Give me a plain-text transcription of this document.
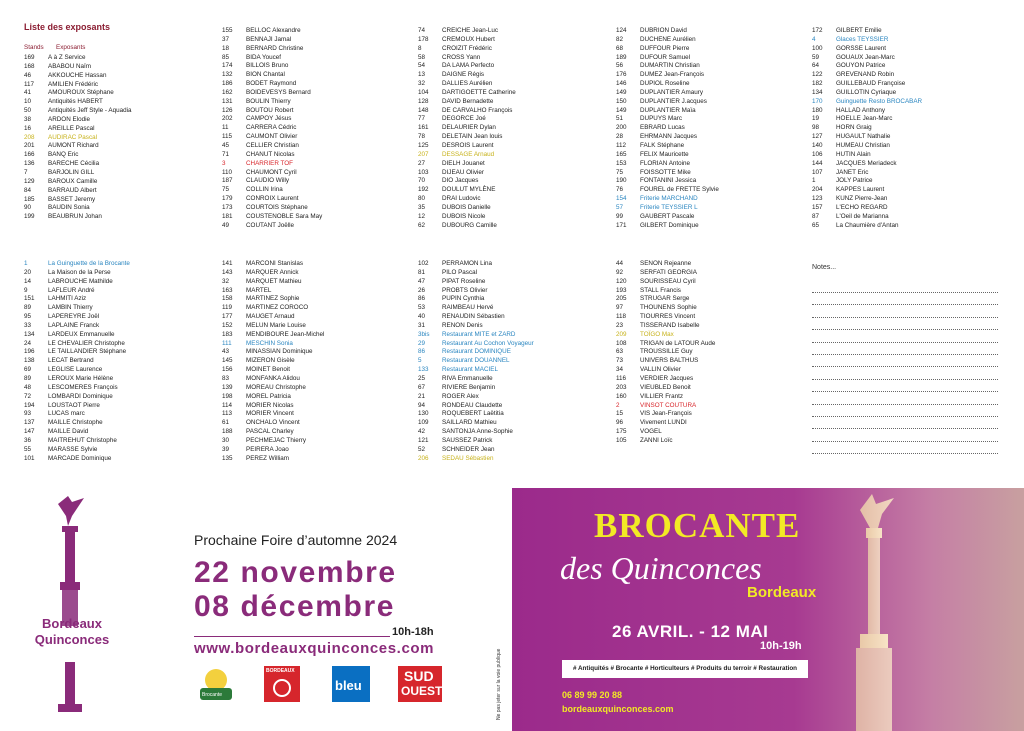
Liste des exposants
Stands Exposants
169 A à Z Service
168 ABABOU Naïm
46	AKKOUCHE Hassan
117 AMILIEN Frédéric
41	AMOUROUX Stéphane
10	Antiquités HABERT
50	Antiquités Jeff Style - Aquadia
38	ARDON Elodie
16	AREILLE Pascal
208 AUDIRAC Pascal
201 AUMONT Richard
166 BANQ Eric
136 BARECHE Cécilia
7	BARJOLIN GILL
129 BAROUX Camille
84	BARRAUD Albert
185 BASSET Jeremy
90	BAUDIN Sonia
199 BEAUBRUN Johan
155 BELLOC Alexandre
37	BENNAJI Jamal
18	BERNARD Christine
85	BIDA Youcef
174 BILLOIS Bruno
132 BION Chantal
186 BODET Raymond
162 BOIDEVESYS Bernard
131 BOULIN Thierry
126 BOUTOU Robert
202 CAMPOY Jésus
11	CARRERA Cédric
115 CAUMONT Olivier
45	CELLIER Christian
71	CHANUT Nicolas
3	CHARRIER TOF
110 CHAUMONT Cyril
187 CLAUDIO Willy
75	COLLIN Irina
179 CONROIX Laurent
173 COURTOIS Stéphane
181 COUSTENOBLE Sara May
49	COUTANT Joëlle
74	CREICHE Jean-Luc
178 CREMOUX Hubert
8	CROIZIT Frédéric
58	CROSS Yann
54	DA LAMA Perfecto
13	DAIGNE Régis
32	DALLIES Aurélien
104 DARTIGOETTE Catherine
128 DAVID Bernadette
148 DE CARVALHO François
77	DEGORCE Joé
161 DELAURIER Dylan
78	DELETAIN Jean louis
125 DESROIS Laurent
207 DESSAGE Arnaud
27	DIELH Jouanet
103 DIJEAU Olivier
70	DIO Jacques
192 DOULUT MYLÈNE
80	DRAI Ludovic
35	DUBOIS Danielle
12	DUBOIS Nicole
62	DUBOURG Camille
124 DUBRION David
82	DUCHENE Aurélien
68	DUFFOUR Pierre
189 DUFOUR Samuel
56	DUMARTIN Christian
176 DUMEZ Jean-François
146 DUPIOL Roseline
149 DUPLANTIER Amaury
150 DUPLANTIER J.acques
149 DUPLANTIER Maïa
51	DUPUYS Marc
200 EBRARD Lucas
28	EHRMANN Jacques
112 FALK Stéphane
165 FELIX Mauricette
153 FLORIAN Antoine
75	FOISSOTTE Mike
190 FONTANINI Jessica
76	FOUREL de FRETTE Sylvie
154 Friterie MARCHAND
57	Friterie TEYSSIER L
99	GAUBERT Pascale
171 GILBERT Dominique
172 GILBERT Emilie
4	Glaces TEYSSIER
100 GORSSE Laurent
59	GOUAUX Jean-Marc
64	GOUYON Patrice
122 GREVENAND Robin
182 GUILLEBAUD Françoise
134 GUILLOTIN Cyriaque
170 Guinguette Resto BROCABAR
180 HALLAD Anthony
19	HOELLE Jean-Marc
98	HORN Graig
127 HUGAULT Nathalie
140 HUMEAU Christian
106 HUTIN Alain
144 JACQUES Meriadeck
107 JANET Eric
1	JOLY Patrice
204 KAPPES Laurent
123 KUNZ Pierre-Jean
157 L'ECHO REGARD
87	L'Oeil de Marianna
65	La Chaumière d'Antan
1	La Guinguette de la Brocante
20	La Maison de la Perse
14	LABROUCHE Mathilde
9	LAFLEUR André
151 LAHMITI Aziz
89	LAMBIN Thierry
95	LAPEREYRE Joël
33	LAPLAINE Franck
134 LARDEUX Emmanuelle
24	LE CHEVALIER Christophe
196 LE TAILLANDIER Stéphane
138 LECAT Bertrand
69	LEGLISE Laurence
89	LEROUX Marie Hélène
48	LESCOMERES François
72	LOMBARDI Dominique
194 LOUSTAOT Pierre
93	LUCAS marc
137 MAILLE Christophe
147 MAILLE David
36	MAITREHUT Christophe
55	MARASSE Sylvie
101 MARCADE Dominique
141 MARCONI Stanislas
143 MARQUER Annick
32	MARQUET Mathieu
163 MARTEL
158 MARTINEZ Sophie
119 MARTINEZ COROCO
177 MAUGET Arnaud
152 MELUN Marie Louise
183 MENDIBOURE Jean-Michel
111 MESCHIN Sonia
43	MINASSIAN Dominique
145 MIZERON Gisèle
156 MOINET Benoit
83	MONFANKA Alidou
139 MOREAU Christophe
198 MOREL Patricia
114 MORIER Nicolas
113 MORIER Vincent
61	ONCHALO Vincent
188 PASCAL Charley
30	PECHMEJAC Thierry
39	PEIRERA Joao
135 PEREZ William
102 PERRAMON Lina
81	PILO Pascal
47	PIPAT Roseline
26	PROBTS Olivier
86	PUPIN Cynthia
53	RAIMBEAU Hervé
40	RENAUDIN Sébastien
31	RENON Denis
3bis Restaurant MITE et ZARD
29	Restaurant Au Cochon Voyageur
86	Restaurant DOMINIQUE
5	Restaurant DOUANNEL
133 Restaurant MACIEL
25	RIVA Emmanuelle
67	RIVIERE Benjamin
21	ROGER Alex
94	RONDEAU Claudette
130 ROQUEBERT Laëtitia
109 SAILLARD Mathieu
42	SANTONJA Anne-Sophie
121 SAUSSEZ Patrick
52	SCHNEIDER Jean
206 SEDAU Sébastien
44	SENON Rejeanne
92	SERFATI GEORGIA
120 SOURISSEAU Cyril
193 STALL Francis
205 STRUGAR Serge
97	THOUNENS Sophie
118 TIOURRES Vincent
23	TISSERAND Isabelle
209 TOÏGO Max
108 TRIGAN de LATOUR Aude
63	TROUSSILLE Guy
73	UNIVERS BALTHUS
34	VALLIN Olivier
116 VERDIER Jacques
203 VIEUBLED Benoit
160 VILLIER Frantz
2	VINSOT COUTURA
15	VIS Jean-François
96	Vivement LUNDI
175 VOGEL
105 ZANNI Loïc
Notes...
Bordeaux
Quinconces
Prochaine Foire d’automne 2024
22 novembre
08 décembre
10h-18h
www.bordeauxquinconces.com
Brocante
BORDEAUX
bleu
SUD
OUEST	Ne pas jeter sur la voie publique
BROCANTE
des Quinconces
Bordeaux
26 AVRIL. - 12 MAI
10h-19h
# Antiquités # Brocante # Horticulteurs # Produits du terroir # Restauration
06 89 99 20 88
bordeauxquinconces.com
